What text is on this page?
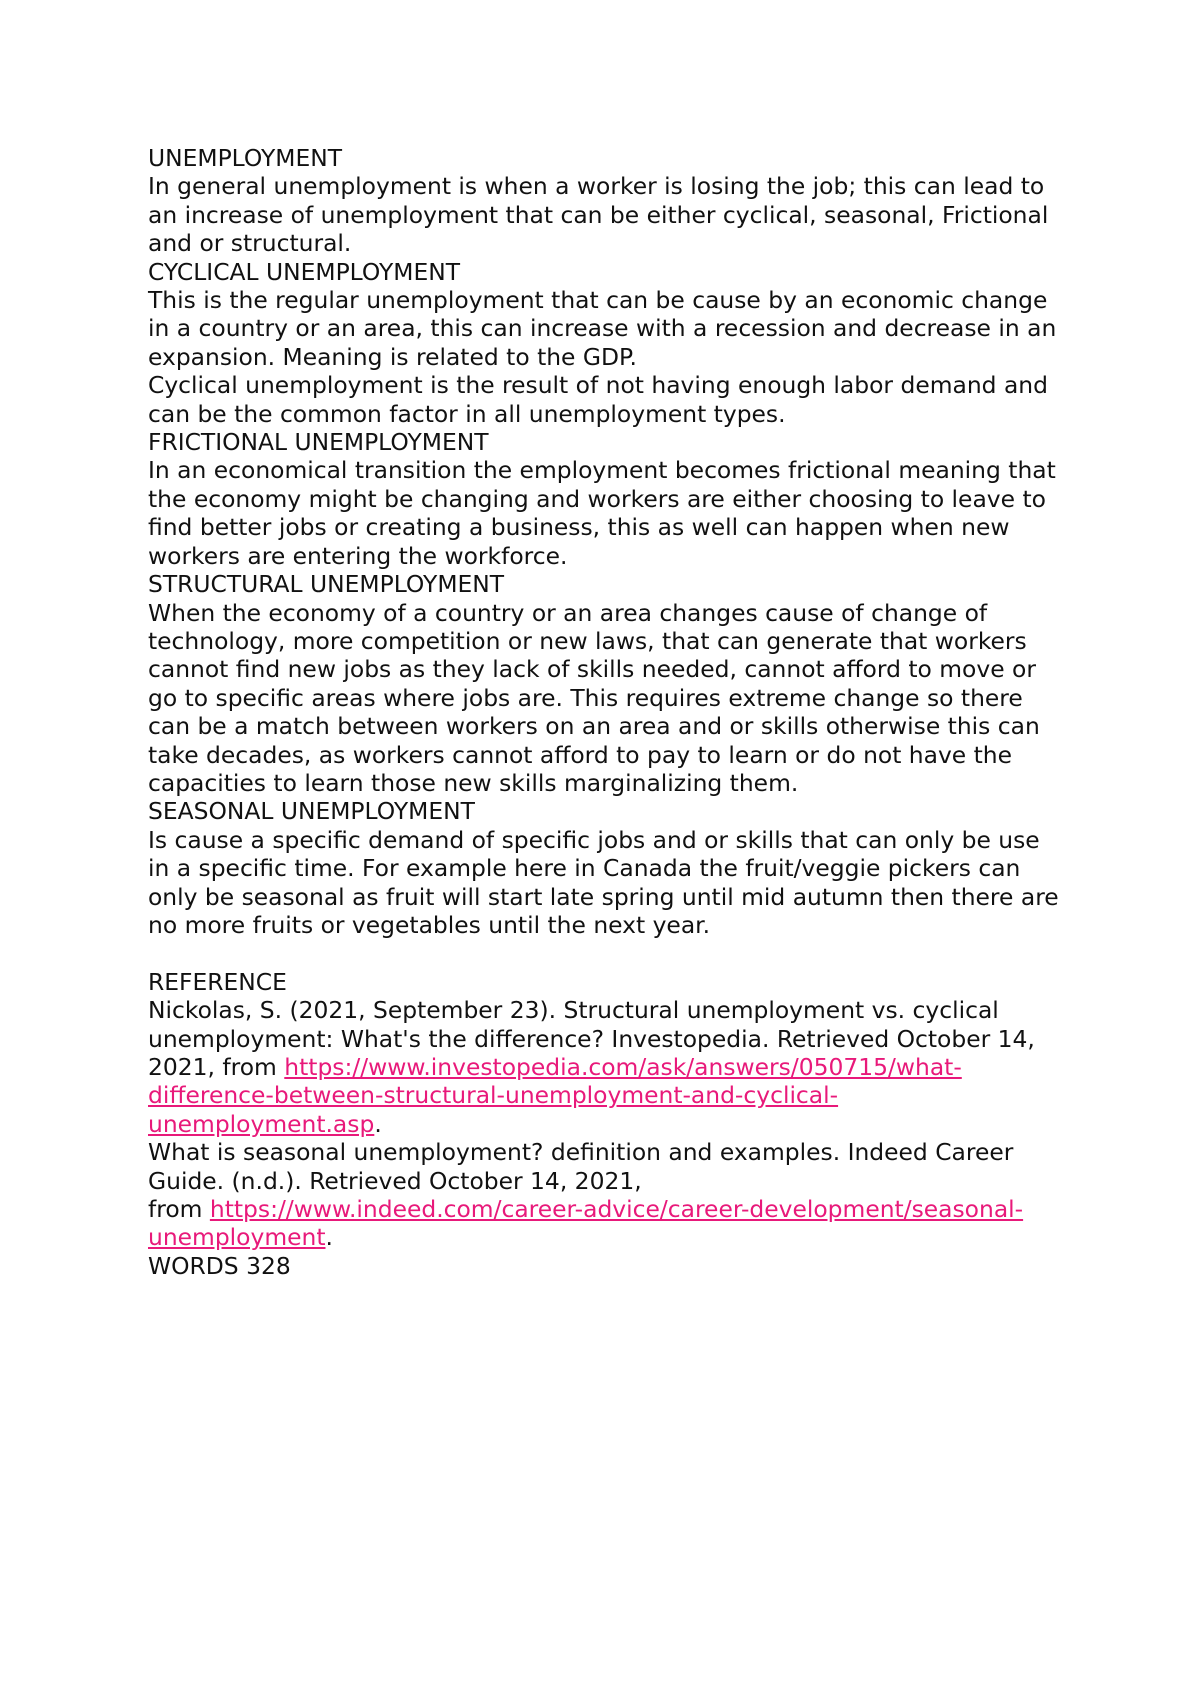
UNEMPLOYMENT

In general unemployment is when a worker is losing the job; this can lead to an increase of unemployment that can be either cyclical, seasonal, Frictional and or structural.

CYCLICAL UNEMPLOYMENT

This is the regular unemployment that can be cause by an economic change in a country or an area, this can increase with a recession and decrease in an expansion. Meaning is related to the GDP.

Cyclical unemployment is the result of not having enough labor demand and can be the common factor in all unemployment types.

FRICTIONAL UNEMPLOYMENT

In an economical transition the employment becomes frictional meaning that the economy might be changing and workers are either choosing to leave to find better jobs or creating a business, this as well can happen when new workers are entering the workforce.

STRUCTURAL UNEMPLOYMENT

When the economy of a country or an area changes cause of change of technology, more competition or new laws, that can generate that workers cannot find new jobs as they lack of skills needed, cannot afford to move or go to specific areas where jobs are. This requires extreme change so there can be a match between workers on an area and or skills otherwise this can take decades, as workers cannot afford to pay to learn or do not have the capacities to learn those new skills marginalizing them.

SEASONAL UNEMPLOYMENT

Is cause a specific demand of specific jobs and or skills that can only be use in a specific time. For example here in Canada the fruit/veggie pickers can only be seasonal as fruit will start late spring until mid autumn then there are no more fruits or vegetables until the next year.

REFERENCE

Nickolas, S. (2021, September 23). Structural unemployment vs. cyclical unemployment: What's the difference? Investopedia. Retrieved October 14, 2021, from https://www.investopedia.com/ask/answers/050715/what-difference-between-structural-unemployment-and-cyclical-unemployment.asp.

What is seasonal unemployment? definition and examples. Indeed Career Guide. (n.d.). Retrieved October 14, 2021,

from https://www.indeed.com/career-advice/career-development/seasonal-unemployment.

WORDS 328
